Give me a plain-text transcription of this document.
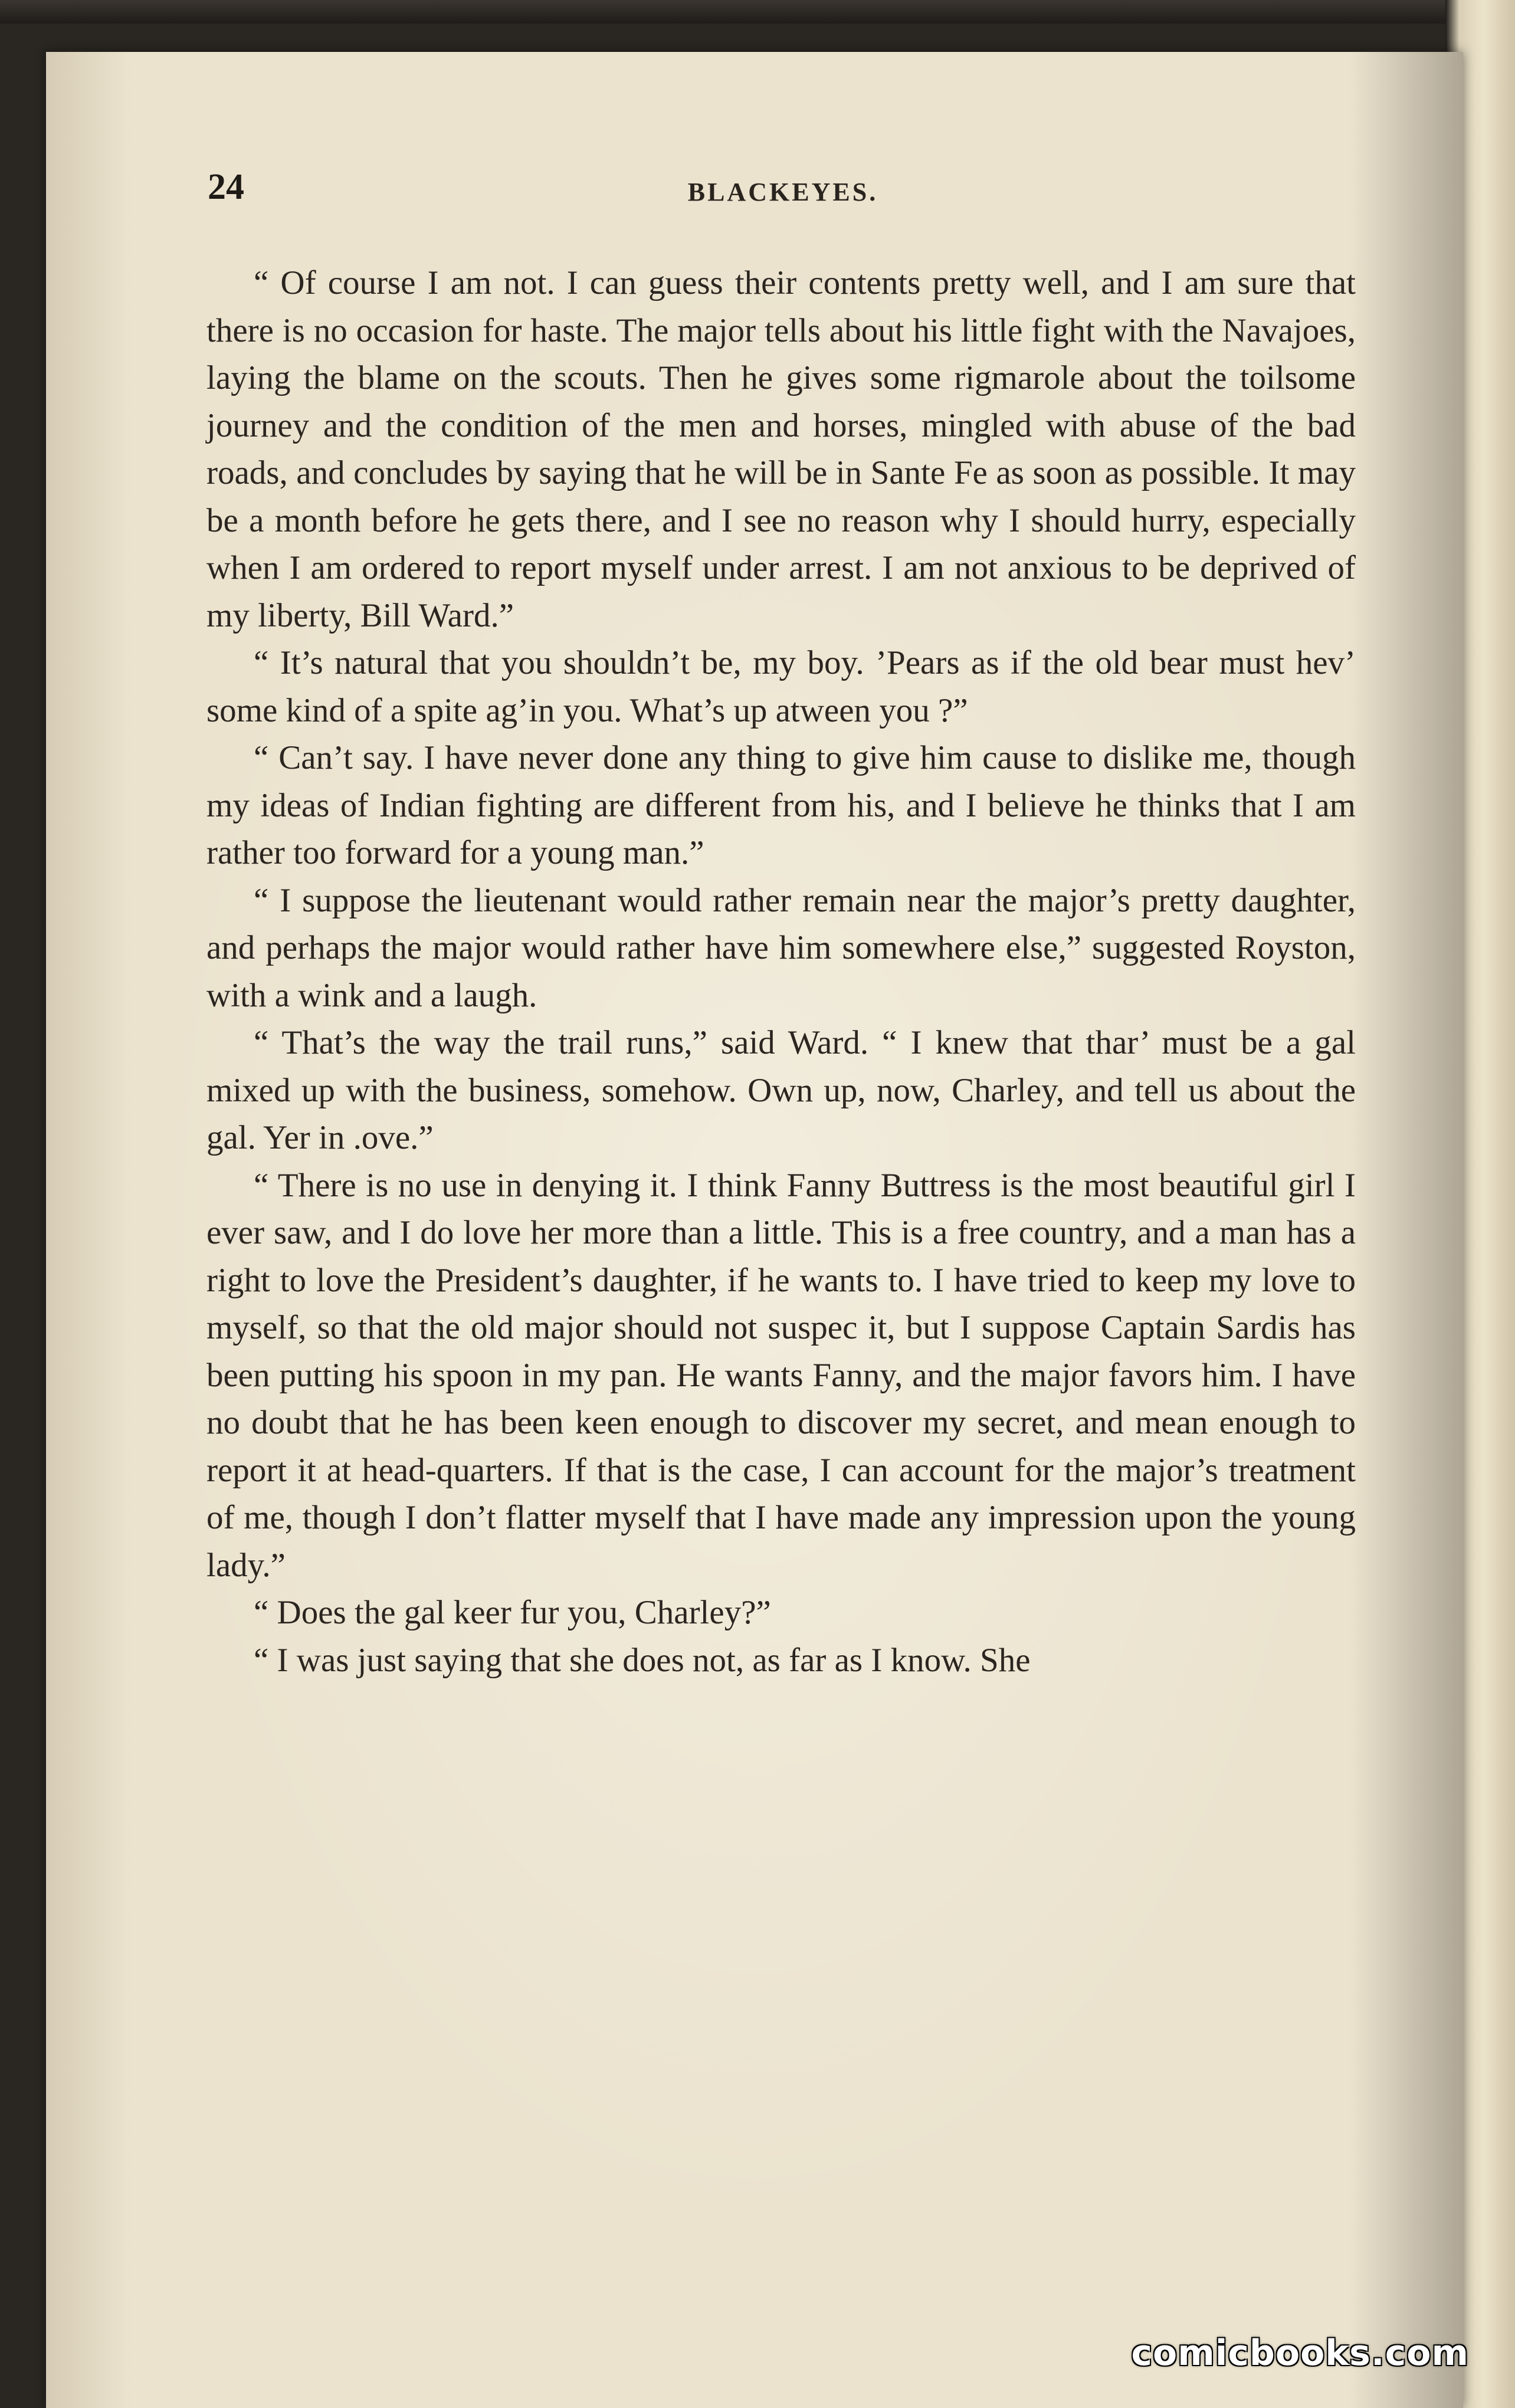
24	BLACKEYES.

“ Of course I am not. I can guess their contents pretty well, and I am sure that there is no occasion for haste. The major tells about his little fight with the Navajoes, laying the blame on the scouts. Then he gives some rigmarole about the toilsome journey and the condition of the men and horses, mingled with abuse of the bad roads, and concludes by saying that he will be in Sante Fe as soon as possible. It may be a month before he gets there, and I see no reason why I should hurry, especially when I am ordered to report myself under arrest. I am not anxious to be deprived of my liberty, Bill Ward.”

“ It’s natural that you shouldn’t be, my boy. ’Pears as if the old bear must hev’ some kind of a spite ag’in you. What’s up atween you ?”

“ Can’t say. I have never done any thing to give him cause to dislike me, though my ideas of Indian fighting are different from his, and I believe he thinks that I am rather too forward for a young man.”

“ I suppose the lieutenant would rather remain near the major’s pretty daughter, and perhaps the major would rather have him somewhere else,” suggested Royston, with a wink and a laugh.

“ That’s the way the trail runs,” said Ward. “ I knew that thar’ must be a gal mixed up with the business, somehow. Own up, now, Charley, and tell us about the gal. Yer in .ove.”

“ There is no use in denying it. I think Fanny Buttress is the most beautiful girl I ever saw, and I do love her more than a little. This is a free country, and a man has a right to love the President’s daughter, if he wants to. I have tried to keep my love to myself, so that the old major should not suspec it, but I suppose Captain Sardis has been putting his spoon in my pan. He wants Fanny, and the major favors him. I have no doubt that he has been keen enough to discover my secret, and mean enough to report it at head-quarters. If that is the case, I can account for the major’s treatment of me, though I don’t flatter myself that I have made any impression upon the young lady.”

“ Does the gal keer fur you, Charley?”

“ I was just saying that she does not, as far as I know. She

comicbooks.com
